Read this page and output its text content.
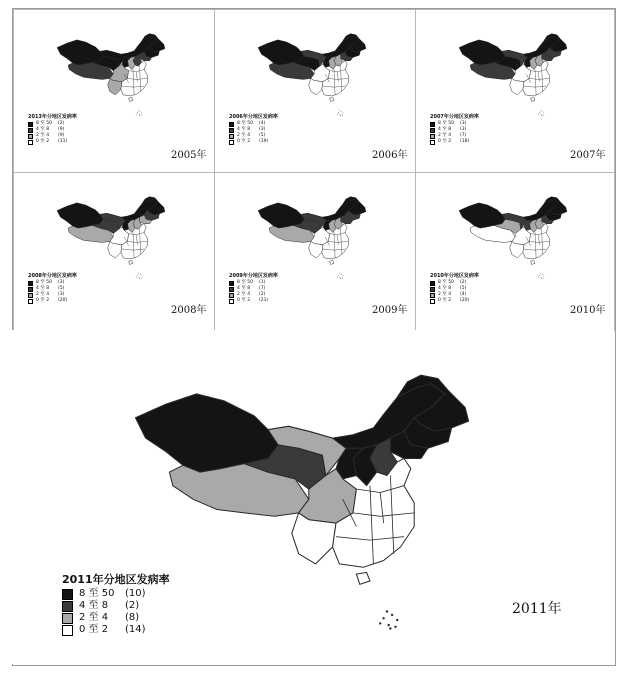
2013年分地区发病率
8 至 50	(2)
4 至 8	(9)
2 至 4	(9)
0 至 2	(11)
2005年
2006年分地区发病率
8 至 50	(4)
4 至 8	(3)
2 至 4	(5)
0 至 2	(19)
2006年
2007年分地区发病率
8 至 50	(3)
4 至 8	(3)
2 至 4	(7)
0 至 2	(18)
2007年
2008年分地区发病率
8 至 50	(3)
4 至 8	(5)
2 至 4	(3)
0 至 2	(20)
2008年
2009年分地区发病率
8 至 50	(1)
4 至 8	(7)
2 至 4	(2)
0 至 2	(21)
2009年
2010年分地区发病率
8 至 50	(2)
4 至 8	(5)
2 至 4	(4)
0 至 2	(20)
2010年
2011年分地区发病率
8 至 50	(10)
4 至 8	(2)
2 至 4	(8)
0 至 2	(14)
2011年
